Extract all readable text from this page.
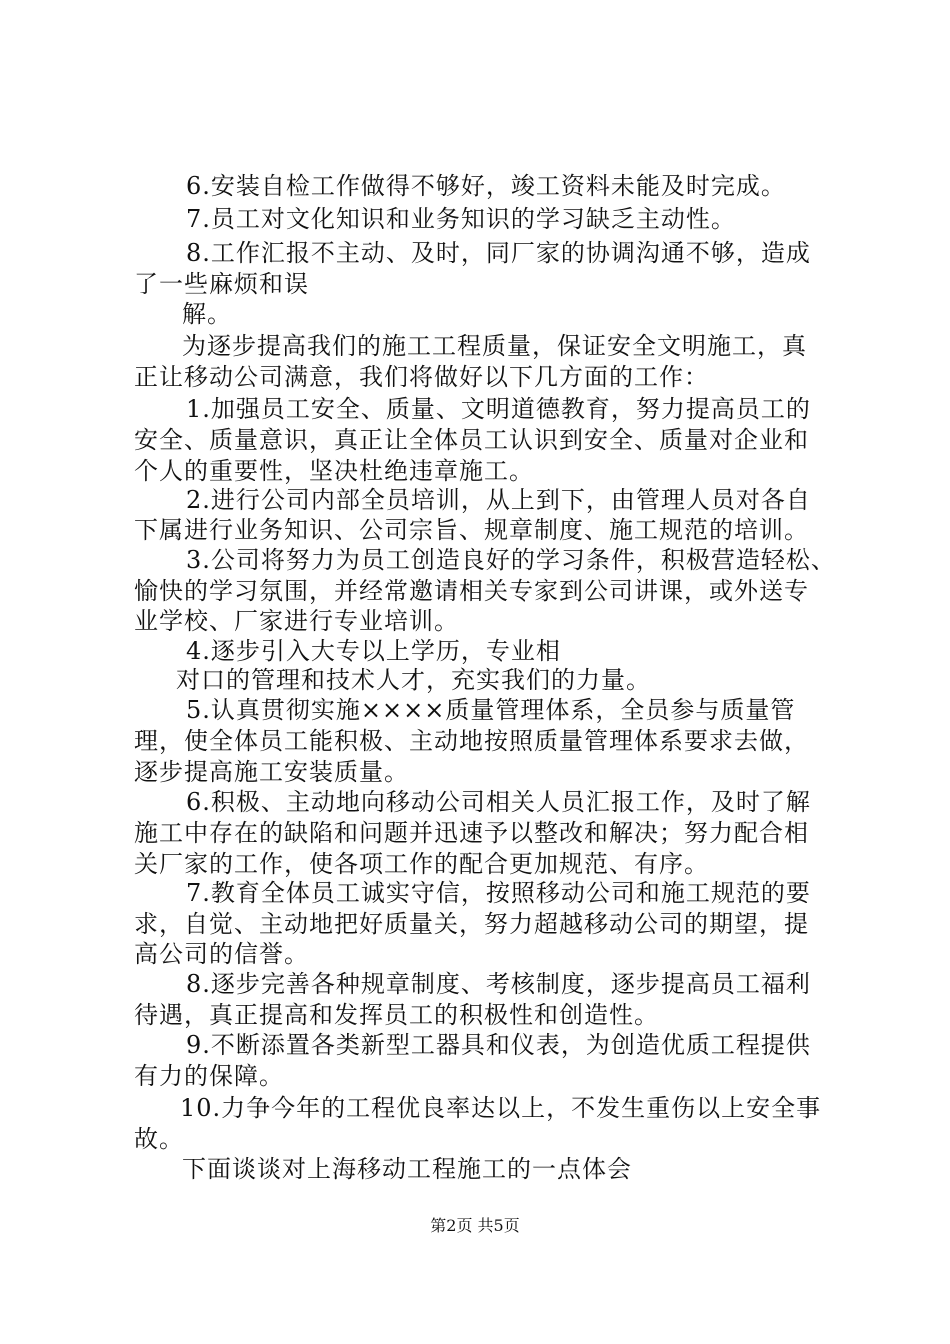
6.安装自检工作做得不够好，竣工资料未能及时完成。
7.员工对文化知识和业务知识的学习缺乏主动性。
8.工作汇报不主动、及时，同厂家的协调沟通不够，造成
了一些麻烦和误
解。
为逐步提高我们的施工工程质量，保证安全文明施工，真
正让移动公司满意，我们将做好以下几方面的工作：
1.加强员工安全、质量、文明道德教育，努力提高员工的
安全、质量意识，真正让全体员工认识到安全、质量对企业和
个人的重要性，坚决杜绝违章施工。
2.进行公司内部全员培训，从上到下，由管理人员对各自
下属进行业务知识、公司宗旨、规章制度、施工规范的培训。
3.公司将努力为员工创造良好的学习条件，积极营造轻松、
愉快的学习氛围，并经常邀请相关专家到公司讲课，或外送专
业学校、厂家进行专业培训。
4.逐步引入大专以上学历，专业相
对口的管理和技术人才，充实我们的力量。
5.认真贯彻实施××××质量管理体系，全员参与质量管
理，使全体员工能积极、主动地按照质量管理体系要求去做，
逐步提高施工安装质量。
6.积极、主动地向移动公司相关人员汇报工作，及时了解
施工中存在的缺陷和问题并迅速予以整改和解决；努力配合相
关厂家的工作，使各项工作的配合更加规范、有序。
7.教育全体员工诚实守信，按照移动公司和施工规范的要
求，自觉、主动地把好质量关，努力超越移动公司的期望，提
高公司的信誉。
8.逐步完善各种规章制度、考核制度，逐步提高员工福利
待遇，真正提高和发挥员工的积极性和创造性。
9.不断添置各类新型工器具和仪表，为创造优质工程提供
有力的保障。
10.力争今年的工程优良率达以上，不发生重伤以上安全事
故。
下面谈谈对上海移动工程施工的一点体会
第2页 共5页
